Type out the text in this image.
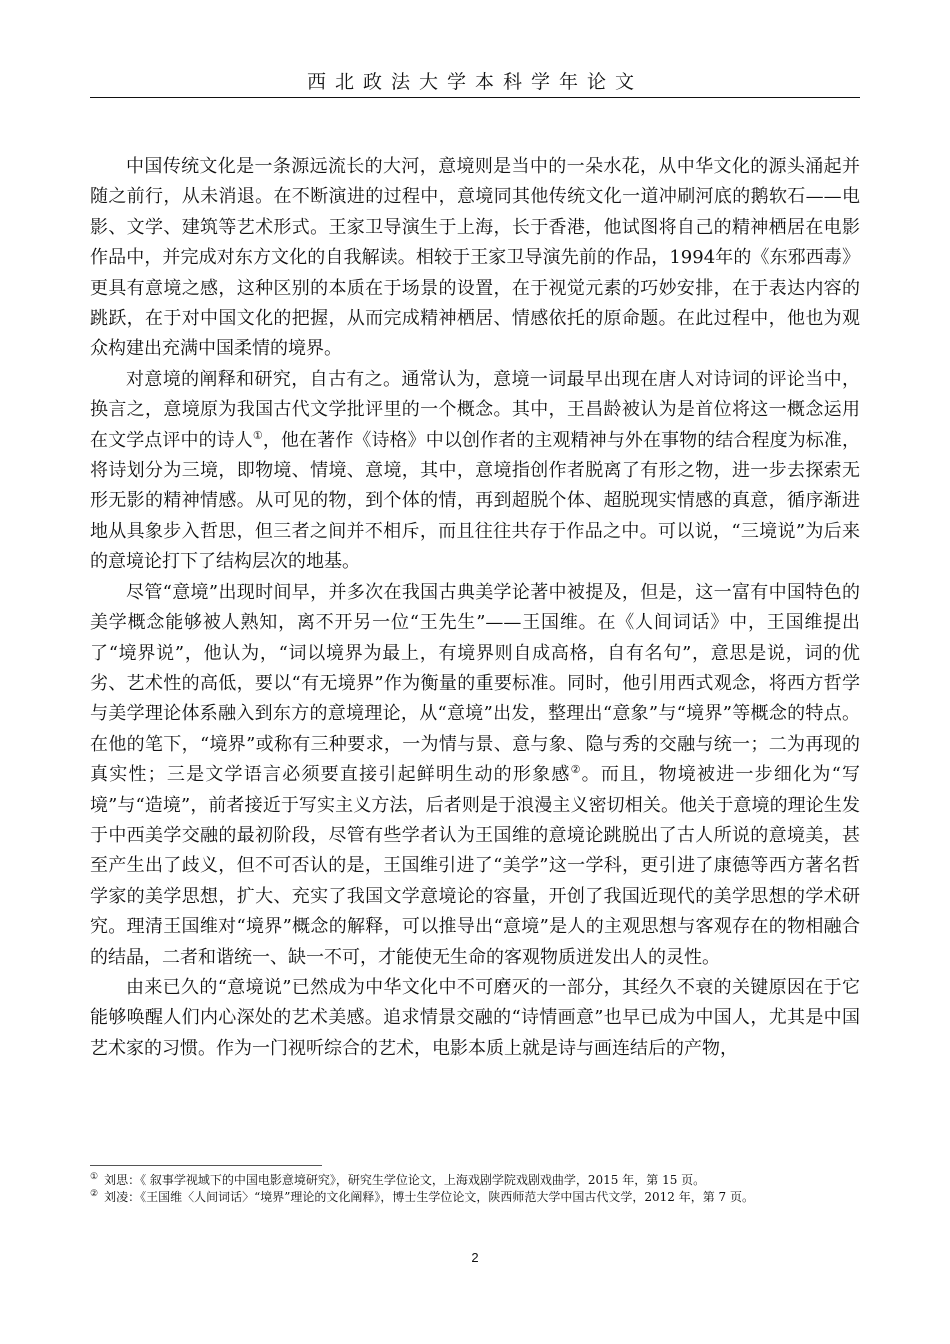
西北政法大学本科学年论文

中国传统文化是一条源远流长的大河，意境则是当中的一朵水花，从中华文化的源头涌起并随之前行，从未消退。在不断演进的过程中，意境同其他传统文化一道冲刷河底的鹅软石——电影、文学、建筑等艺术形式。王家卫导演生于上海，长于香港，他试图将自己的精神栖居在电影作品中，并完成对东方文化的自我解读。相较于王家卫导演先前的作品，1994年的《东邪西毒》更具有意境之感，这种区别的本质在于场景的设置，在于视觉元素的巧妙安排，在于表达内容的跳跃，在于对中国文化的把握，从而完成精神栖居、情感依托的原命题。在此过程中，他也为观众构建出充满中国柔情的境界。

对意境的阐释和研究，自古有之。通常认为，意境一词最早出现在唐人对诗词的评论当中，换言之，意境原为我国古代文学批评里的一个概念。其中，王昌龄被认为是首位将这一概念运用在文学点评中的诗人①，他在著作《诗格》中以创作者的主观精神与外在事物的结合程度为标准，将诗划分为三境，即物境、情境、意境，其中，意境指创作者脱离了有形之物，进一步去探索无形无影的精神情感。从可见的物，到个体的情，再到超脱个体、超脱现实情感的真意，循序渐进地从具象步入哲思，但三者之间并不相斥，而且往往共存于作品之中。可以说，“三境说”为后来的意境论打下了结构层次的地基。

尽管“意境”出现时间早，并多次在我国古典美学论著中被提及，但是，这一富有中国特色的美学概念能够被人熟知，离不开另一位“王先生”——王国维。在《人间词话》中，王国维提出了“境界说”，他认为，“词以境界为最上，有境界则自成高格，自有名句”，意思是说，词的优劣、艺术性的高低，要以“有无境界”作为衡量的重要标准。同时，他引用西式观念，将西方哲学与美学理论体系融入到东方的意境理论，从“意境”出发，整理出“意象”与“境界”等概念的特点。在他的笔下，“境界”或称有三种要求，一为情与景、意与象、隐与秀的交融与统一；二为再现的真实性；三是文学语言必须要直接引起鲜明生动的形象感②。而且，物境被进一步细化为“写境”与“造境”，前者接近于写实主义方法，后者则是于浪漫主义密切相关。他关于意境的理论生发于中西美学交融的最初阶段，尽管有些学者认为王国维的意境论跳脱出了古人所说的意境美，甚至产生出了歧义，但不可否认的是，王国维引进了“美学”这一学科，更引进了康德等西方著名哲学家的美学思想，扩大、充实了我国文学意境论的容量，开创了我国近现代的美学思想的学术研究。理清王国维对“境界”概念的解释，可以推导出“意境”是人的主观思想与客观存在的物相融合的结晶，二者和谐统一、缺一不可，才能使无生命的客观物质迸发出人的灵性。

由来已久的“意境说”已然成为中华文化中不可磨灭的一部分，其经久不衰的关键原因在于它能够唤醒人们内心深处的艺术美感。追求情景交融的“诗情画意”也早已成为中国人，尤其是中国艺术家的习惯。作为一门视听综合的艺术，电影本质上就是诗与画连结后的产物，

① 刘思：《 叙事学视域下的中国电影意境研究》，研究生学位论文，上海戏剧学院戏剧戏曲学，2015 年，第 15 页。

② 刘凌：《王国维〈人间词话〉“境界”理论的文化阐释》，博士生学位论文，陕西师范大学中国古代文学，2012 年，第 7 页。

2
